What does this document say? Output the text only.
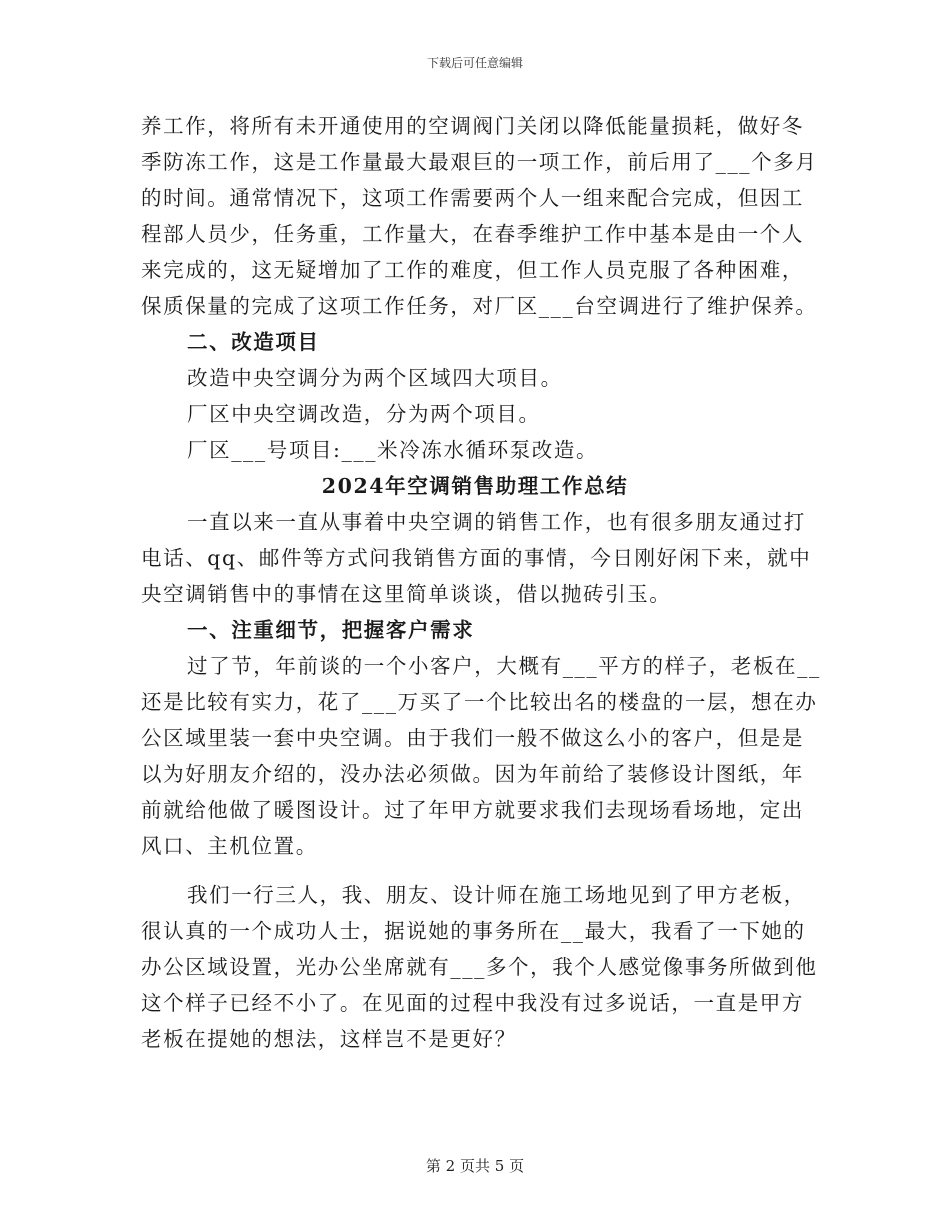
下载后可任意编辑
养工作，将所有未开通使用的空调阀门关闭以降低能量损耗，做好冬
季防冻工作，这是工作量最大最艰巨的一项工作，前后用了___个多月
的时间。通常情况下，这项工作需要两个人一组来配合完成，但因工
程部人员少，任务重，工作量大，在春季维护工作中基本是由一个人
来完成的，这无疑增加了工作的难度，但工作人员克服了各种困难，
保质保量的完成了这项工作任务，对厂区___台空调进行了维护保养。
二、改造项目
改造中央空调分为两个区域四大项目。
厂区中央空调改造，分为两个项目。
厂区___号项目:___米冷冻水循环泵改造。
2024年空调销售助理工作总结
一直以来一直从事着中央空调的销售工作，也有很多朋友通过打
电话、qq、邮件等方式问我销售方面的事情，今日刚好闲下来，就中
央空调销售中的事情在这里简单谈谈，借以抛砖引玉。
一、注重细节，把握客户需求
过了节，年前谈的一个小客户，大概有___平方的样子，老板在__
还是比较有实力，花了___万买了一个比较出名的楼盘的一层，想在办
公区域里装一套中央空调。由于我们一般不做这么小的客户，但是是
以为好朋友介绍的，没办法必须做。因为年前给了装修设计图纸，年
前就给他做了暖图设计。过了年甲方就要求我们去现场看场地，定出
风口、主机位置。
我们一行三人，我、朋友、设计师在施工场地见到了甲方老板，
很认真的一个成功人士，据说她的事务所在__最大，我看了一下她的
办公区域设置，光办公坐席就有___多个，我个人感觉像事务所做到他
这个样子已经不小了。在见面的过程中我没有过多说话，一直是甲方
老板在提她的想法，这样岂不是更好？
第 2 页共 5 页
